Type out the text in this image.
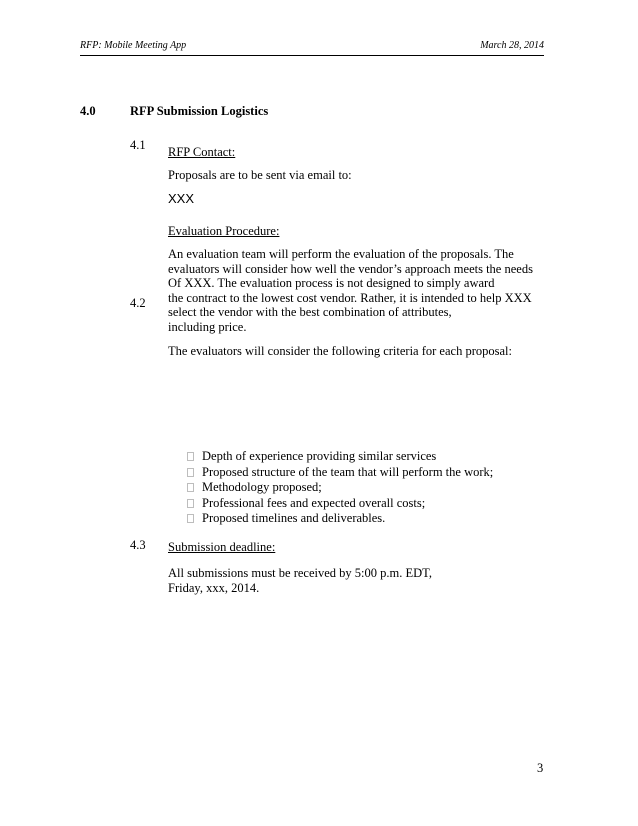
RFP: Mobile Meeting App	March 28, 2014
4.0	RFP Submission Logistics
4.1 RFP Contact:
Proposals are to be sent via email to:
XXX
Evaluation Procedure:
4.2
An evaluation team will perform the evaluation of the proposals. The
evaluators will consider how well the vendor’s approach meets the needs
Of XXX. The evaluation process is not designed to simply award
the contract to the lowest cost vendor. Rather, it is intended to help XXX
select the vendor with the best combination of attributes,
including price.
The evaluators will consider the following criteria for each proposal:
Depth of experience providing similar services
Proposed structure of the team that will perform the work;
Methodology proposed;
Professional fees and expected overall costs;
Proposed timelines and deliverables.
4.3 Submission deadline:
All submissions must be received by 5:00 p.m. EDT,
Friday, xxx, 2014.
3
